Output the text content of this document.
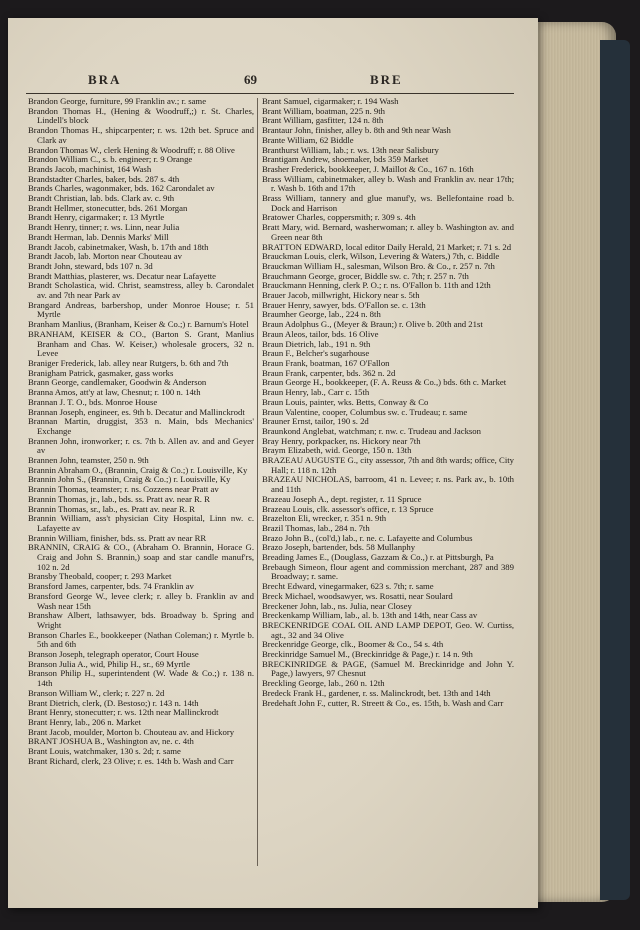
BRA	69	BRE

Brandon George, furniture, 99 Franklin av.; r. same

Brandon Thomas H., (Hening & Woodruff,;) r. St. Charles, Lindell's block

Brandon Thomas H., shipcarpenter; r. ws. 12th bet. Spruce and Clark av

Brandon Thomas W., clerk Hening & Woodruff; r. 88 Olive

Brandon William C., s. b. engineer; r. 9 Orange

Brands Jacob, machinist, 164 Wash

Brandstadter Charles, baker, bds. 287 s. 4th

Brands Charles, wagonmaker, bds. 162 Carondalet av

Brandt Christian, lab. bds. Clark av. c. 9th

Brandt Hellmer, stonecutter, bds. 261 Morgan

Brandt Henry, cigarmaker; r. 13 Myrtle

Brandt Henry, tinner; r. ws. Linn, near Julia

Brandt Herman, lab. Dennis Marks' Mill

Brandt Jacob, cabinetmaker, Wash, b. 17th and 18th

Brandt Jacob, lab. Morton near Chouteau av

Brandt John, steward, bds 107 n. 3d

Brandt Matthias, plasterer, ws. Decatur near Lafayette

Brandt Scholastica, wid. Christ, seamstress, alley b. Carondalet av. and 7th near Park av

Brangard Andreas, barbershop, under Monroe House; r. 51 Myrtle

Branham Manlius, (Branham, Keiser & Co.;) r. Barnum's Hotel

BRANHAM, KEISER & CO., (Barton S. Grant, Manlius Branham and Chas. W. Keiser,) wholesale grocers, 32 n. Levee

Braniger Frederick, lab. alley near Rutgers, b. 6th and 7th

Branigham Patrick, gasmaker, gass works

Brann George, candlemaker, Goodwin & Anderson

Branna Amos, att'y at law, Chesnut; r. 100 n. 14th

Brannan J. T. O., bds. Monroe House

Brannan Joseph, engineer, es. 9th b. Decatur and Mallinckrodt

Brannan Martin, druggist, 353 n. Main, bds Mechanics' Exchange

Brannen John, ironworker; r. cs. 7th b. Allen av. and and Geyer av

Brannen John, teamster, 250 n. 9th

Brannin Abraham O., (Brannin, Craig & Co.;) r. Louisville, Ky

Brannin John S., (Brannin, Craig & Co.;) r. Louisville, Ky

Brannin Thomas, teamster; r. ns. Cozzens near Pratt av

Brannin Thomas, jr., lab., bds. ss. Pratt av. near R. R

Brannin Thomas, sr., lab., es. Pratt av. near R. R

Brannin William, ass't physician City Hospital, Linn nw. c. Lafayette av

Brannin William, finisher, bds. ss. Pratt av near RR

BRANNIN, CRAIG & CO., (Abraham O. Brannin, Horace G. Craig and John S. Brannin,) soap and star candle manuf'rs, 102 n. 2d

Bransby Theobald, cooper; r. 293 Market

Bransford James, carpenter, bds. 74 Franklin av

Bransford George W., levee clerk; r. alley b. Franklin av and Wash near 15th

Branshaw Albert, lathsawyer, bds. Broadway b. Spring and Wright

Branson Charles E., bookkeeper (Nathan Coleman;) r. Myrtle b. 5th and 6th

Branson Joseph, telegraph operator, Court House

Branson Julia A., wid, Philip H., sr., 69 Myrtle

Branson Philip H., superintendent (W. Wade & Co.;) r. 138 n. 14th

Branson William W., clerk; r. 227 n. 2d

Brant Dietrich, clerk, (D. Bestoso;) r. 143 n. 14th

Brant Henry, stonecutter; r. ws. 12th near Mallinckrodt

Brant Henry, lab., 206 n. Market

Brant Jacob, moulder, Morton b. Chouteau av. and Hickory

BRANT JOSHUA B., Washington av, ne. c. 4th

Brant Louis, watchmaker, 130 s. 2d; r. same

Brant Richard, clerk, 23 Olive; r. es. 14th b. Wash and Carr

Brant Samuel, cigarmaker; r. 194 Wash

Brant William, boatman, 225 n. 9th

Brant William, gasfitter, 124 n. 8th

Brantaur John, finisher, alley b. 8th and 9th near Wash

Brante William, 62 Biddle

Branthurst William, lab.; r. ws. 13th near Salisbury

Brantigam Andrew, shoemaker, bds 359 Market

Brasher Frederick, bookkeeper, J. Maillot & Co., 167 n. 16th

Brass William, cabinetmaker, alley b. Wash and Franklin av. near 17th; r. Wash b. 16th and 17th

Brass William, tannery and glue manuf'y, ws. Bellefontaine road b. Dock and Harrison

Bratower Charles, coppersmith; r. 309 s. 4th

Bratt Mary, wid. Bernard, washerwoman; r. alley b. Washington av. and Green near 8th

BRATTON EDWARD, local editor Daily Herald, 21 Market; r. 71 s. 2d

Brauckman Louis, clerk, Wilson, Levering & Waters,) 7th, c. Biddle

Brauckman William H., salesman, Wilson Bro. & Co., r. 257 n. 7th

Brauchmann George, grocer, Biddle sw. c. 7th; r. 257 n. 7th

Brauckmann Henning, clerk P. O.; r. ns. O'Fallon b. 11th and 12th

Brauer Jacob, millwright, Hickory near s. 5th

Brauer Henry, sawyer, bds. O'Fallon se. c. 13th

Braumher George, lab., 224 n. 8th

Braun Adolphus G., (Meyer & Braun;) r. Olive b. 20th and 21st

Braun Aleos, tailor, bds. 16 Olive

Braun Dietrich, lab., 191 n. 9th

Braun F., Belcher's sugarhouse

Braun Frank, boatman, 167 O'Fallon

Braun Frank, carpenter, bds. 362 n. 2d

Braun George H., bookkeeper, (F. A. Reuss & Co.,) bds. 6th c. Market

Braun Henry, lab., Carr c. 15th

Braun Louis, painter, wks. Betts, Conway & Co

Braun Valentine, cooper, Columbus sw. c. Trudeau; r. same

Brauner Ernst, tailor, 190 s. 2d

Braunkond Anglebat, watchman; r. nw. c. Trudeau and Jackson

Bray Henry, porkpacker, ns. Hickory near 7th

Braym Elizabeth, wid. George, 150 n. 13th

BRAZEAU AUGUSTE G., city assessor, 7th and 8th wards; office, City Hall; r. 118 n. 12th

BRAZEAU NICHOLAS, barroom, 41 n. Levee; r. ns. Park av., b. 10th and 11th

Brazeau Joseph A., dept. register, r. 11 Spruce

Brazeau Louis, clk. assessor's office, r. 13 Spruce

Brazelton Eli, wrecker, r. 351 n. 9th

Brazil Thomas, lab., 284 n. 7th

Brazo John B., (col'd,) lab., r. ne. c. Lafayette and Columbus

Brazo Joseph, bartender, bds. 58 Mullanphy

Breading James E., (Douglass, Gazzam & Co.,) r. at Pittsburgh, Pa

Brebaugh Simeon, flour agent and commission merchant, 287 and 389 Broadway; r. same.

Brecht Edward, vinegarmaker, 623 s. 7th; r. same

Breck Michael, woodsawyer, ws. Rosatti, near Soulard

Breckener John, lab., ns. Julia, near Closey

Breckenkamp William, lab., al. b. 13th and 14th, near Cass av

BRECKENRIDGE COAL OIL AND LAMP DEPOT, Geo. W. Curtiss, agt., 32 and 34 Olive

Breckenridge George, clk., Boomer & Co., 54 s. 4th

Breckinridge Samuel M., (Breckinridge & Page,) r. 14 n. 9th

BRECKINRIDGE & PAGE, (Samuel M. Breckinridge and John Y. Page,) lawyers, 97 Chesnut

Breckling George, lab., 260 n. 12th

Bredeck Frank H., gardener, r. ss. Malinckrodt, bet. 13th and 14th

Bredehaft John F., cutter, R. Streett & Co., es. 15th, b. Wash and Carr
